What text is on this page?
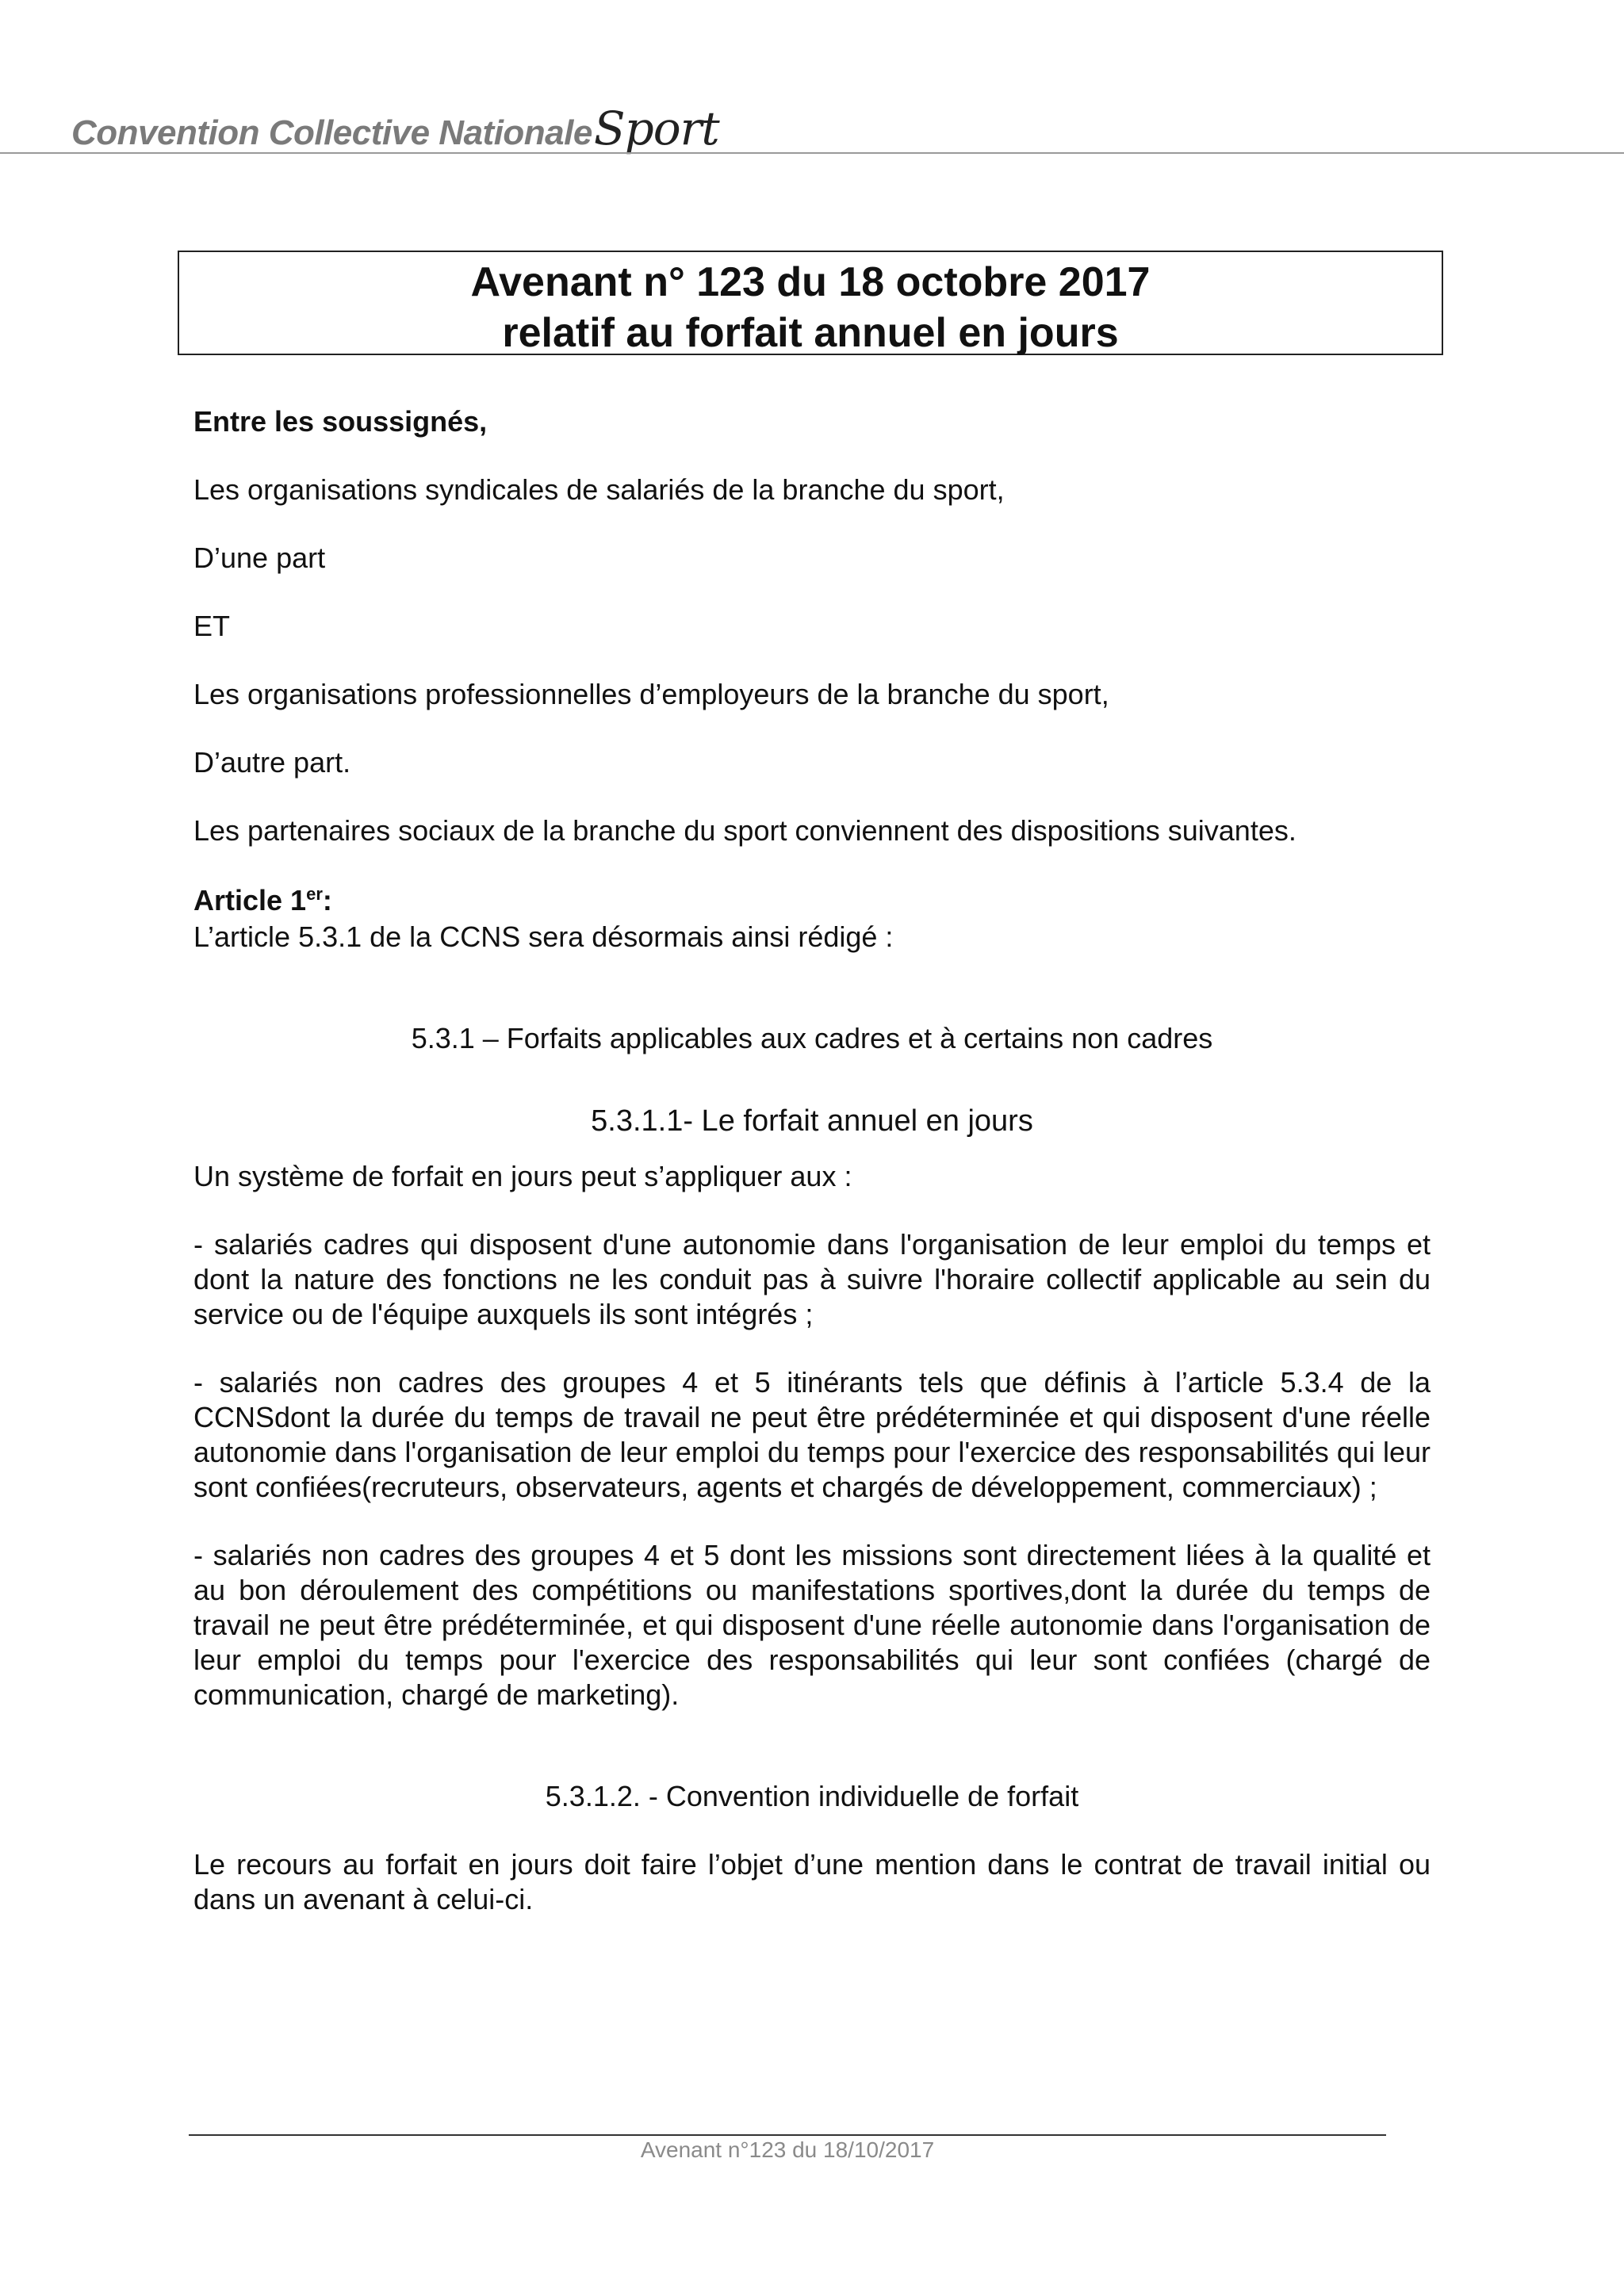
Convention Collective NationaleSport
Avenant n° 123 du 18 octobre 2017
relatif au forfait annuel en jours

Entre les soussignés,

Les organisations syndicales de salariés de la branche du sport,

D’une part

ET

Les organisations professionnelles d’employeurs de la branche du sport,

D’autre part.

Les partenaires sociaux de la branche du sport conviennent des dispositions suivantes.

Article 1er:

L’article 5.3.1 de la CCNS sera désormais ainsi rédigé :

5.3.1 – Forfaits applicables aux cadres et à certains non cadres

5.3.1.1- Le forfait annuel en jours

Un système de forfait en jours peut s’appliquer aux :

- salariés cadres qui disposent d'une autonomie dans l'organisation de leur emploi du temps et dont la nature des fonctions ne les conduit pas à suivre l'horaire collectif applicable au sein du service ou de l'équipe auxquels ils sont intégrés ;

- salariés non cadres des groupes 4 et 5 itinérants tels que définis à l’article 5.3.4 de la CCNSdont la durée du temps de travail ne peut être prédéterminée et qui disposent d'une réelle autonomie dans l'organisation de leur emploi du temps pour l'exercice des responsabilités qui leur sont confiées(recruteurs, observateurs, agents et chargés de développement, commerciaux) ;

- salariés non cadres des groupes 4 et 5 dont les missions sont directement liées à la qualité et au bon déroulement des compétitions ou manifestations sportives,dont la durée du temps de travail ne peut être prédéterminée, et qui disposent d'une réelle autonomie dans l'organisation de leur emploi du temps pour l'exercice des responsabilités qui leur sont confiées (chargé de communication, chargé de marketing).

5.3.1.2. - Convention individuelle de forfait

Le recours au forfait en jours doit faire l’objet d’une mention dans le contrat de travail initial ou dans un avenant à celui-ci.

Avenant n°123 du 18/10/2017
